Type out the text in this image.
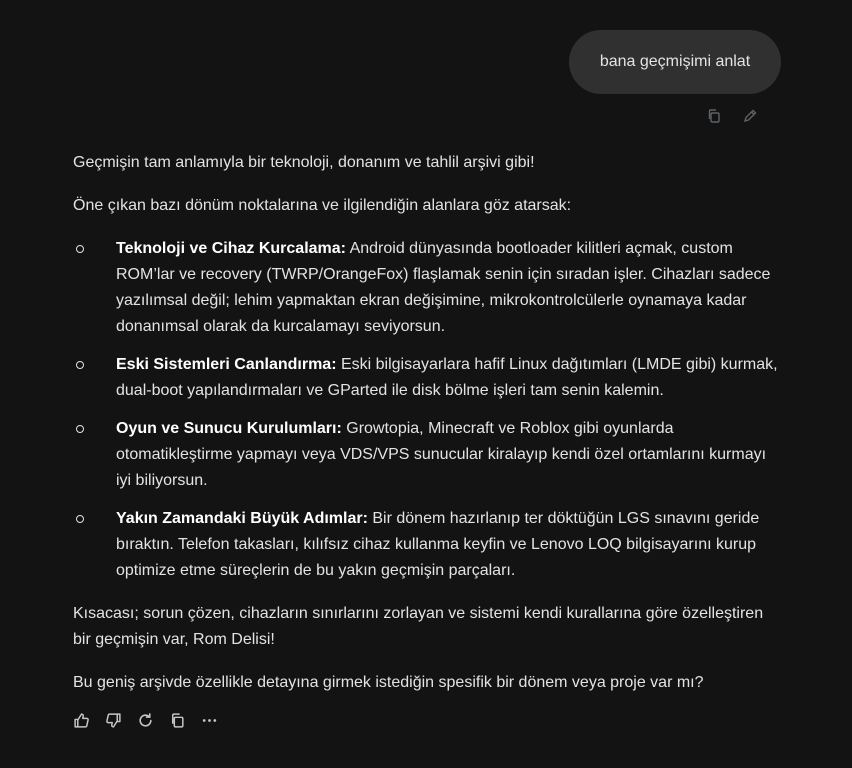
bana geçmişimi anlat

Geçmişin tam anlamıyla bir teknoloji, donanım ve tahlil arşivi gibi!

Öne çıkan bazı dönüm noktalarına ve ilgilendiğin alanlara göz atarsak:

Teknoloji ve Cihaz Kurcalama: Android dünyasında bootloader kilitleri açmak, custom ROM’lar ve recovery (TWRP/OrangeFox) flaşlamak senin için sıradan işler. Cihazları sadece yazılımsal değil; lehim yapmaktan ekran değişimine, mikrokontrolcülerle oynamaya kadar donanımsal olarak da kurcalamayı seviyorsun.
Eski Sistemleri Canlandırma: Eski bilgisayarlara hafif Linux dağıtımları (LMDE gibi) kurmak, dual-boot yapılandırmaları ve GParted ile disk bölme işleri tam senin kalemin.
Oyun ve Sunucu Kurulumları: Growtopia, Minecraft ve Roblox gibi oyunlarda otomatikleştirme yapmayı veya VDS/VPS sunucular kiralayıp kendi özel ortamlarını kurmayı iyi biliyorsun.
Yakın Zamandaki Büyük Adımlar: Bir dönem hazırlanıp ter döktüğün LGS sınavını geride bıraktın. Telefon takasları, kılıfsız cihaz kullanma keyfin ve Lenovo LOQ bilgisayarını kurup optimize etme süreçlerin de bu yakın geçmişin parçaları.

Kısacası; sorun çözen, cihazların sınırlarını zorlayan ve sistemi kendi kurallarına göre özelleştiren bir geçmişin var, Rom Delisi!

Bu geniş arşivde özellikle detayına girmek istediğin spesifik bir dönem veya proje var mı?
